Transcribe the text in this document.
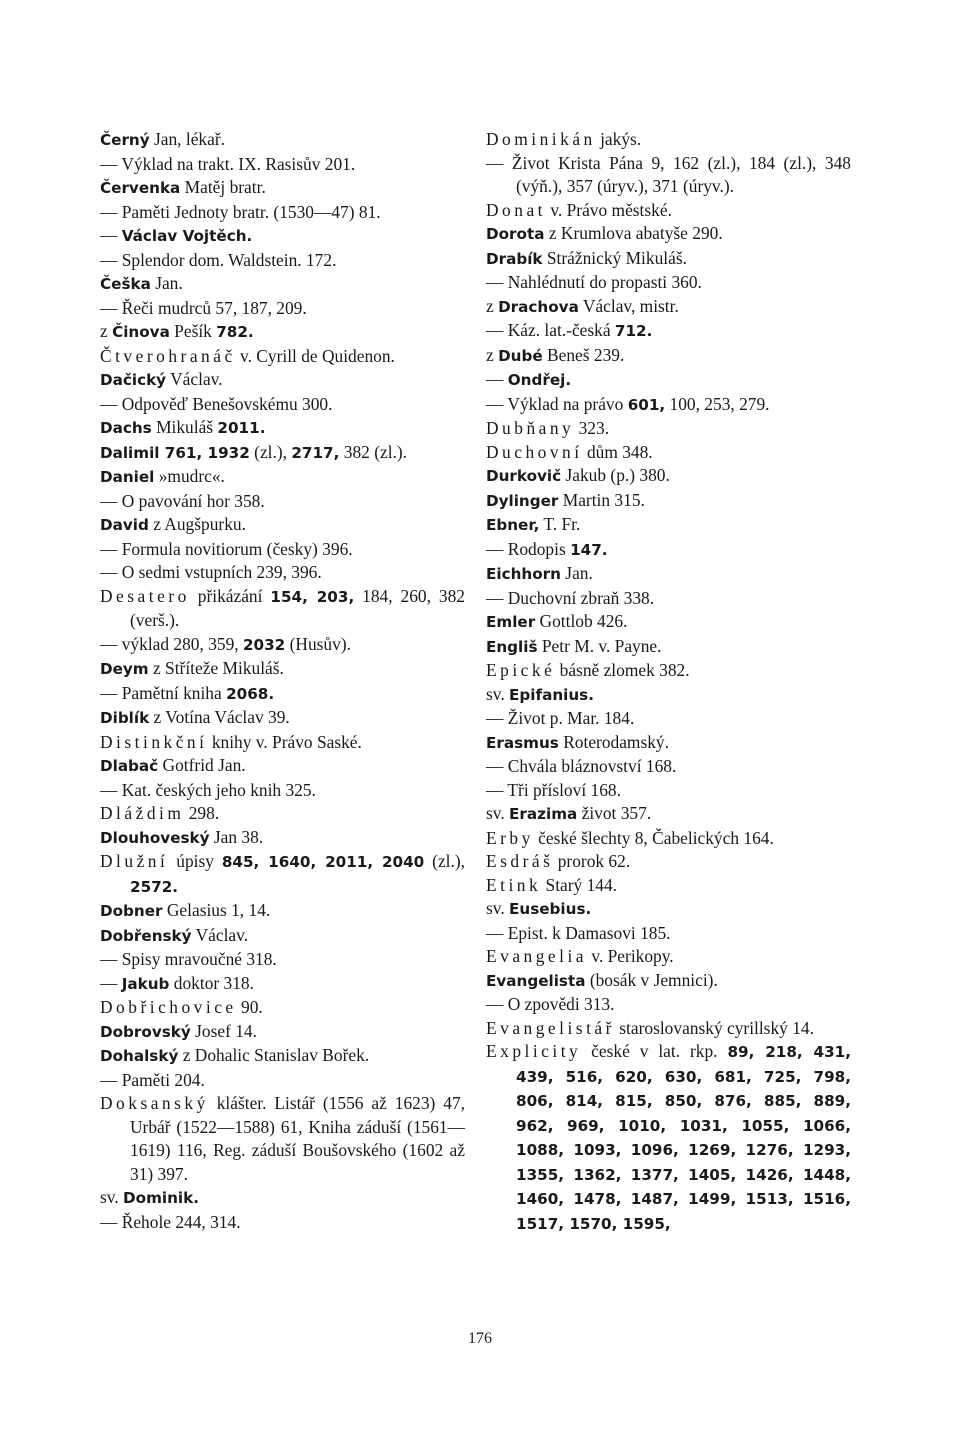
Černý Jan, lékař.
— Výklad na trakt. IX. Rasisův 201.
Červenka Matěj bratr.
— Paměti Jednoty bratr. (1530—47) 81.
— Václav Vojtěch.
— Splendor dom. Waldstein. 172.
Češka Jan.
— Řeči mudrců 57, 187, 209.
z Činova Pešík 782.
Čtverohranáč v. Cyrill de Quidenon.
Dačický Václav.
— Odpověď Benešovskému 300.
Dachs Mikuláš 2011.
Dalimil 761, 1932 (zl.), 2717, 382 (zl.).
Daniel »mudrc«.
— O pavování hor 358.
David z Augšpurku.
— Formula novitiorum (česky) 396.
— O sedmi vstupních 239, 396.
Desatero přikázání 154, 203, 184, 260, 382 (verš.).
— výklad 280, 359, 2032 (Husův).
Deym z Stříteže Mikuláš.
— Pamětní kniha 2068.
Diblík z Votína Václav 39.
Distinkční knihy v. Právo Saské.
Dlabač Gotfrid Jan.
— Kat. českých jeho knih 325.
Dláždim 298.
Dlouhoveský Jan 38.
Dlužní úpisy 845, 1640, 2011, 2040 (zl.), 2572.
Dobner Gelasius 1, 14.
Dobřenský Václav.
— Spisy mravoučné 318.
— Jakub doktor 318.
Dobřichovice 90.
Dobrovský Josef 14.
Dohalský z Dohalic Stanislav Bořek.
— Paměti 204.
Doksanský klášter. Listář (1556 až 1623) 47, Urbář (1522—1588) 61, Kniha záduší (1561—1619) 116, Reg. záduší Boušovského (1602 až 31) 397.
sv. Dominik.
— Řehole 244, 314.
Dominikán jakýs.
— Život Krista Pána 9, 162 (zl.), 184 (zl.), 348 (výň.), 357 (úryv.), 371 (úryv.).
Donat v. Právo městské.
Dorota z Krumlova abatyše 290.
Drabík Strážnický Mikuláš.
— Nahlédnutí do propasti 360.
z Drachova Václav, mistr.
— Káz. lat.-česká 712.
z Dubé Beneš 239.
— Ondřej.
— Výklad na právo 601, 100, 253, 279.
Dubňany 323.
Duchovní dům 348.
Durkovič Jakub (p.) 380.
Dylinger Martin 315.
Ebner, T. Fr.
— Rodopis 147.
Eichhorn Jan.
— Duchovní zbraň 338.
Emler Gottlob 426.
Engliš Petr M. v. Payne.
Epické básně zlomek 382.
sv. Epifanius.
— Život p. Mar. 184.
Erasmus Roterodamský.
— Chvála bláznovství 168.
— Tři přísloví 168.
sv. Erazima život 357.
Erby české šlechty 8, Čabelických 164.
Esdráš prorok 62.
Etink Starý 144.
sv. Eusebius.
— Epist. k Damasovi 185.
Evangelia v. Perikopy.
Evangelista (bosák v Jemnici).
— O zpovědi 313.
Evangelistář staroslovanský cyrillský 14.
Explicity české v lat. rkp. 89, 218, 431, 439, 516, 620, 630, 681, 725, 798, 806, 814, 815, 850, 876, 885, 889, 962, 969, 1010, 1031, 1055, 1066, 1088, 1093, 1096, 1269, 1276, 1293, 1355, 1362, 1377, 1405, 1426, 1448, 1460, 1478, 1487, 1499, 1513, 1516, 1517, 1570, 1595,
176
